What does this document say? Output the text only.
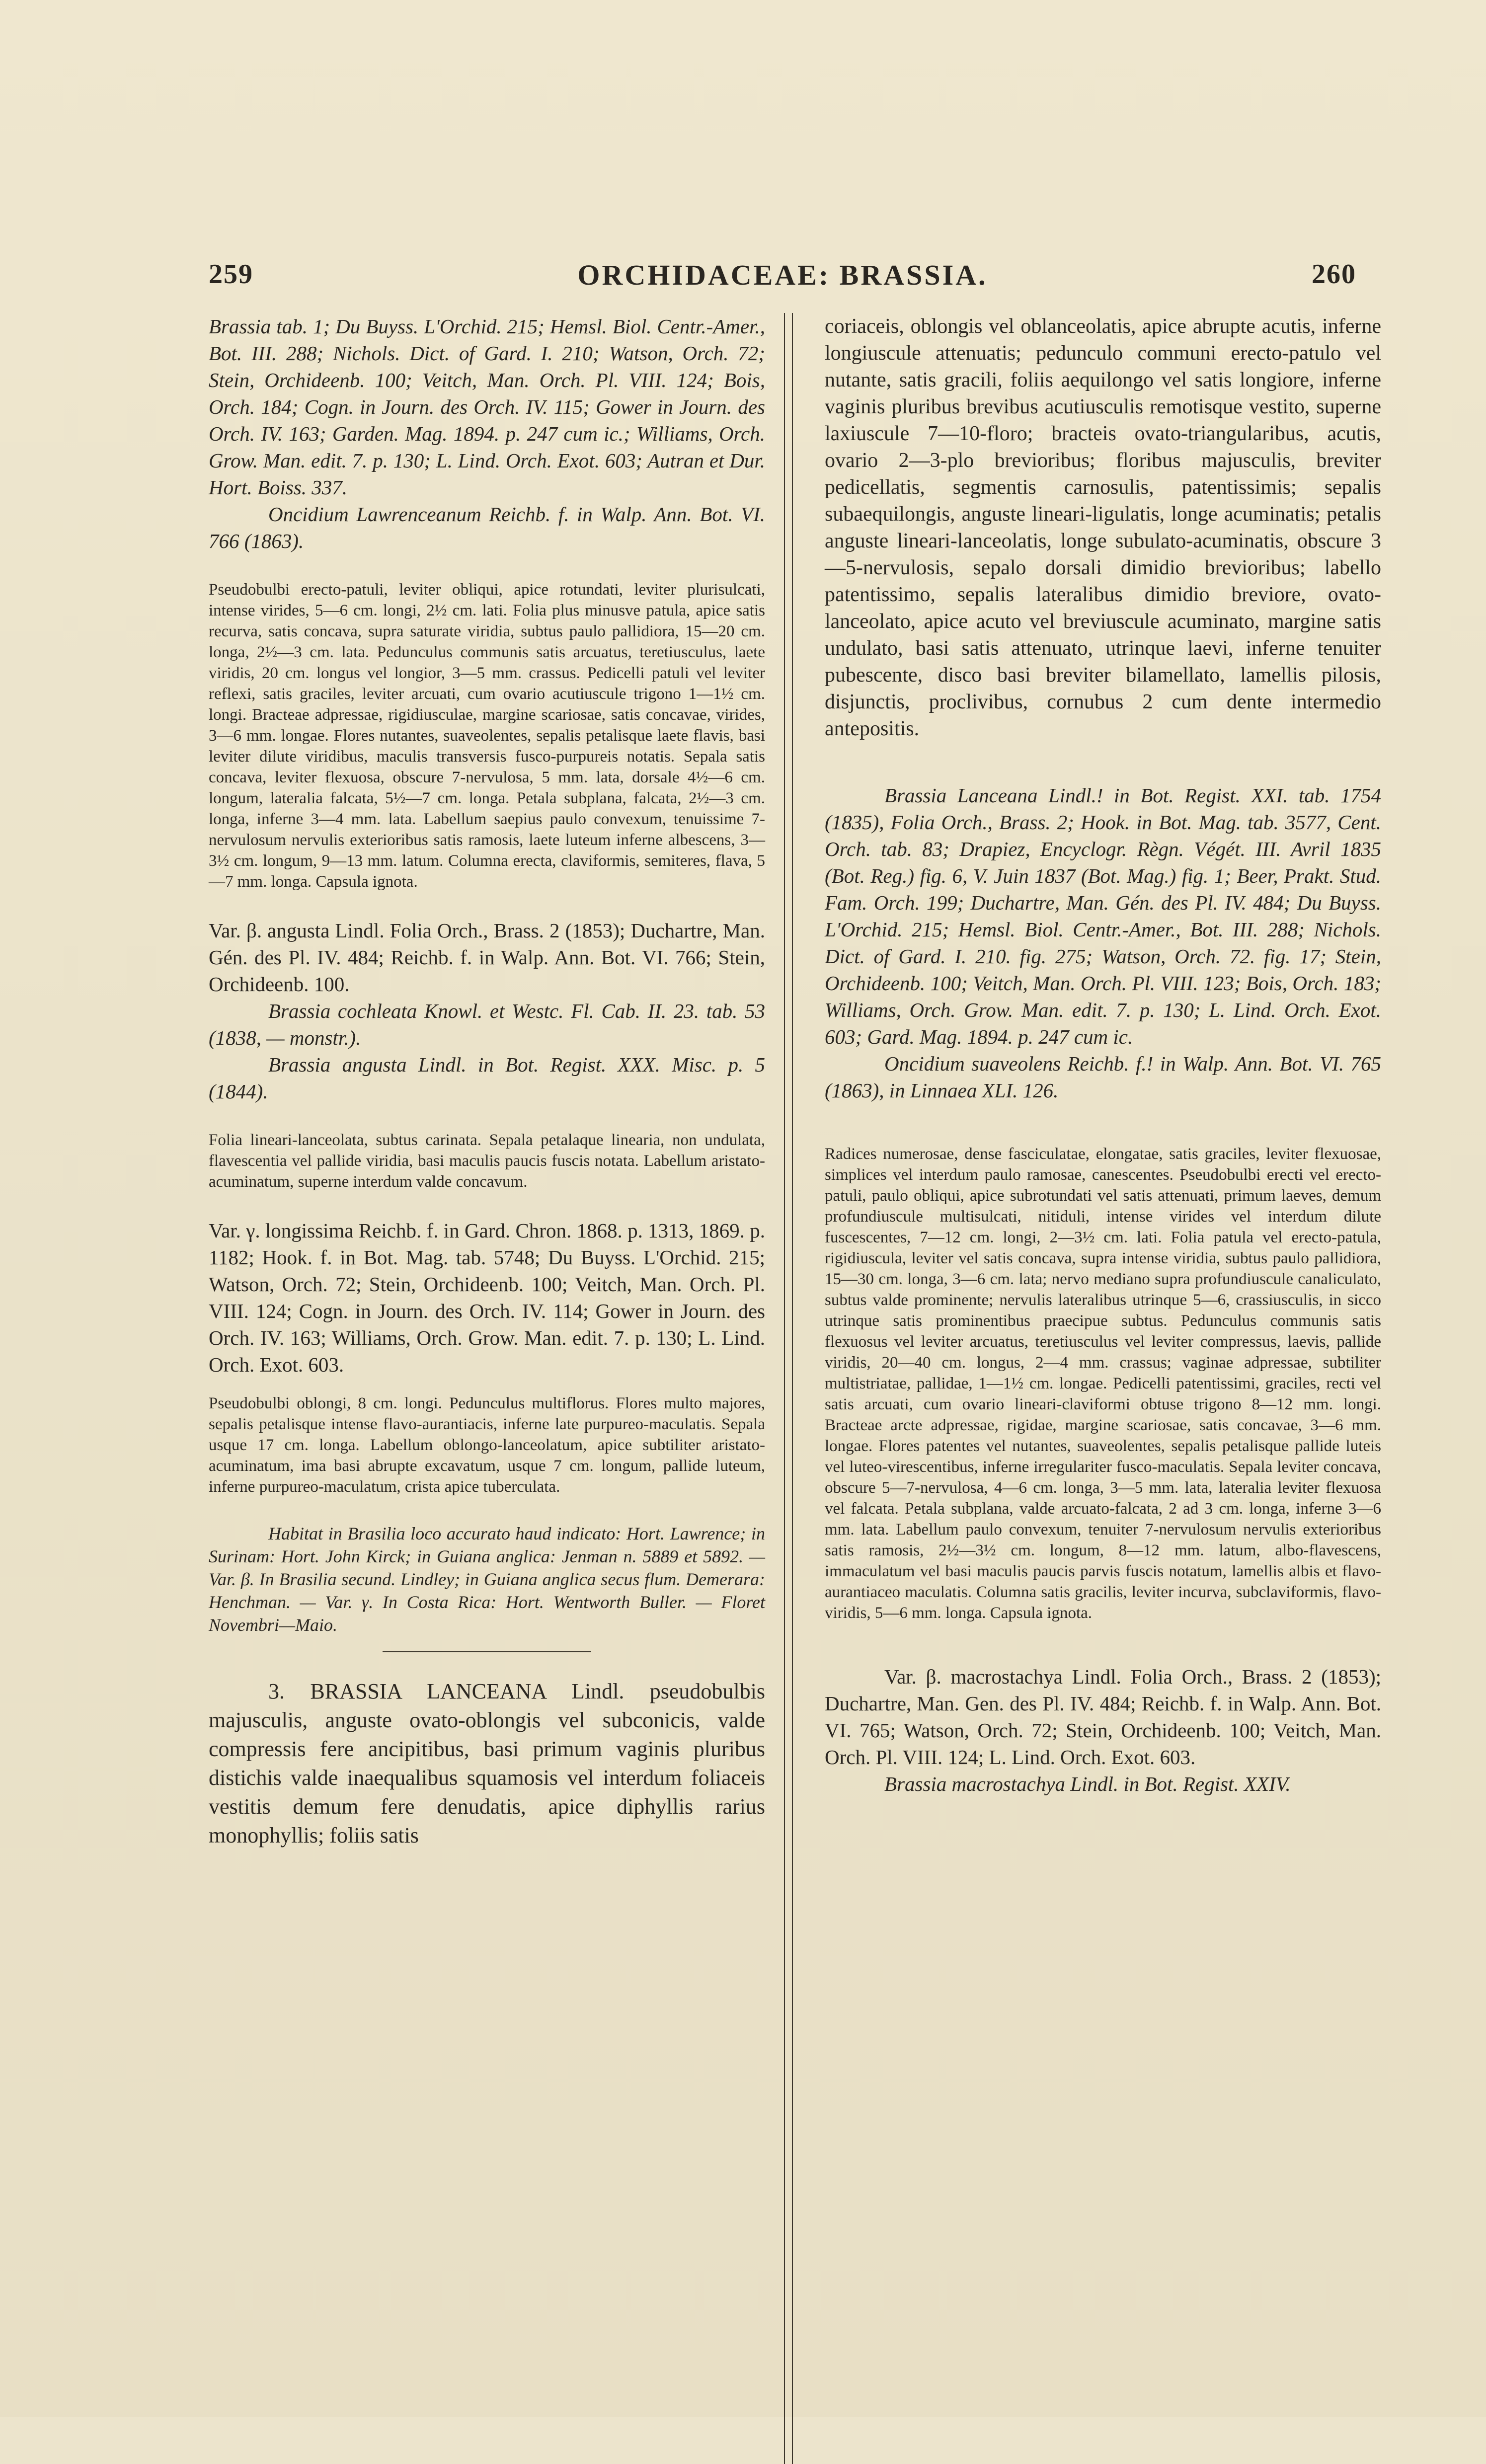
259	ORCHIDACEAE: BRASSIA.	260

Brassia tab. 1; Du Buyss. L'Orchid. 215; Hemsl. Biol. Centr.-Amer., Bot. III. 288; Nichols. Dict. of Gard. I. 210; Watson, Orch. 72; Stein, Orchideenb. 100; Veitch, Man. Orch. Pl. VIII. 124; Bois, Orch. 184; Cogn. in Journ. des Orch. IV. 115; Gower in Journ. des Orch. IV. 163; Garden. Mag. 1894. p. 247 cum ic.; Williams, Orch. Grow. Man. edit. 7. p. 130; L. Lind. Orch. Exot. 603; Autran et Dur. Hort. Boiss. 337.

Oncidium Lawrenceanum Reichb. f. in Walp. Ann. Bot. VI. 766 (1863).

Pseudobulbi erecto-patuli, leviter obliqui, apice rotundati, leviter plurisulcati, intense virides, 5—6 cm. longi, 2½ cm. lati. Folia plus minusve patula, apice satis recurva, satis concava, supra saturate viridia, subtus paulo pallidiora, 15—20 cm. longa, 2½—3 cm. lata. Pedunculus communis satis arcuatus, teretiusculus, laete viridis, 20 cm. longus vel longior, 3—5 mm. crassus. Pedicelli patuli vel leviter reflexi, satis graciles, leviter arcuati, cum ovario acutiuscule trigono 1—1½ cm. longi. Bracteae adpressae, rigidiusculae, margine scariosae, satis concavae, virides, 3—6 mm. longae. Flores nutantes, suaveolentes, sepalis petalisque laete flavis, basi leviter dilute viridibus, maculis transversis fusco-purpureis notatis. Sepala satis concava, leviter flexuosa, obscure 7-nervulosa, 5 mm. lata, dorsale 4½—6 cm. longum, lateralia falcata, 5½—7 cm. longa. Petala subplana, falcata, 2½—3 cm. longa, inferne 3—4 mm. lata. Labellum saepius paulo convexum, tenuissime 7-nervulosum nervulis exterioribus satis ramosis, laete luteum inferne albescens, 3—3½ cm. longum, 9—13 mm. latum. Columna erecta, claviformis, semiteres, flava, 5—7 mm. longa. Capsula ignota.

Var. β. angusta Lindl. Folia Orch., Brass. 2 (1853); Duchartre, Man. Gén. des Pl. IV. 484; Reichb. f. in Walp. Ann. Bot. VI. 766; Stein, Orchideenb. 100.

Brassia cochleata Knowl. et Westc. Fl. Cab. II. 23. tab. 53 (1838, — monstr.).

Brassia angusta Lindl. in Bot. Regist. XXX. Misc. p. 5 (1844).

Folia lineari-lanceolata, subtus carinata. Sepala petalaque linearia, non undulata, flavescentia vel pallide viridia, basi maculis paucis fuscis notata. Labellum aristato-acuminatum, superne interdum valde concavum.

Var. γ. longissima Reichb. f. in Gard. Chron. 1868. p. 1313, 1869. p. 1182; Hook. f. in Bot. Mag. tab. 5748; Du Buyss. L'Orchid. 215; Watson, Orch. 72; Stein, Orchideenb. 100; Veitch, Man. Orch. Pl. VIII. 124; Cogn. in Journ. des Orch. IV. 114; Gower in Journ. des Orch. IV. 163; Williams, Orch. Grow. Man. edit. 7. p. 130; L. Lind. Orch. Exot. 603.

Pseudobulbi oblongi, 8 cm. longi. Pedunculus multiflorus. Flores multo majores, sepalis petalisque intense flavo-aurantiacis, inferne late purpureo-maculatis. Sepala usque 17 cm. longa. Labellum oblongo-lanceolatum, apice subtiliter aristato-acuminatum, ima basi abrupte excavatum, usque 7 cm. longum, pallide luteum, inferne purpureo-maculatum, crista apice tuberculata.

Habitat in Brasilia loco accurato haud indicato: Hort. Lawrence; in Surinam: Hort. John Kirck; in Guiana anglica: Jenman n. 5889 et 5892. — Var. β. In Brasilia secund. Lindley; in Guiana anglica secus flum. Demerara: Henchman. — Var. γ. In Costa Rica: Hort. Wentworth Buller. — Floret Novembri—Maio.

3. BRASSIA LANCEANA Lindl. pseudobulbis majusculis, anguste ovato-oblongis vel subconicis, valde compressis fere ancipitibus, basi primum vaginis pluribus distichis valde inaequalibus squamosis vel interdum foliaceis vestitis demum fere denudatis, apice diphyllis rarius monophyllis; foliis satis

coriaceis, oblongis vel oblanceolatis, apice abrupte acutis, inferne longiuscule attenuatis; pedunculo communi erecto-patulo vel nutante, satis gracili, foliis aequilongo vel satis longiore, inferne vaginis pluribus brevibus acutiusculis remotisque vestito, superne laxiuscule 7—10-floro; bracteis ovato-triangularibus, acutis, ovario 2—3-plo brevioribus; floribus majusculis, breviter pedicellatis, segmentis carnosulis, patentissimis; sepalis subaequilongis, anguste lineari-ligulatis, longe acuminatis; petalis anguste lineari-lanceolatis, longe subulato-acuminatis, obscure 3—5-nervulosis, sepalo dorsali dimidio brevioribus; labello patentissimo, sepalis lateralibus dimidio breviore, ovato-lanceolato, apice acuto vel breviuscule acuminato, margine satis undulato, basi satis attenuato, utrinque laevi, inferne tenuiter pubescente, disco basi breviter bilamellato, lamellis pilosis, disjunctis, proclivibus, cornubus 2 cum dente intermedio antepositis.

Brassia Lanceana Lindl.! in Bot. Regist. XXI. tab. 1754 (1835), Folia Orch., Brass. 2; Hook. in Bot. Mag. tab. 3577, Cent. Orch. tab. 83; Drapiez, Encyclogr. Règn. Végét. III. Avril 1835 (Bot. Reg.) fig. 6, V. Juin 1837 (Bot. Mag.) fig. 1; Beer, Prakt. Stud. Fam. Orch. 199; Duchartre, Man. Gén. des Pl. IV. 484; Du Buyss. L'Orchid. 215; Hemsl. Biol. Centr.-Amer., Bot. III. 288; Nichols. Dict. of Gard. I. 210. fig. 275; Watson, Orch. 72. fig. 17; Stein, Orchideenb. 100; Veitch, Man. Orch. Pl. VIII. 123; Bois, Orch. 183; Williams, Orch. Grow. Man. edit. 7. p. 130; L. Lind. Orch. Exot. 603; Gard. Mag. 1894. p. 247 cum ic.

Oncidium suaveolens Reichb. f.! in Walp. Ann. Bot. VI. 765 (1863), in Linnaea XLI. 126.

Radices numerosae, dense fasciculatae, elongatae, satis graciles, leviter flexuosae, simplices vel interdum paulo ramosae, canescentes. Pseudobulbi erecti vel erecto-patuli, paulo obliqui, apice subrotundati vel satis attenuati, primum laeves, demum profundiuscule multisulcati, nitiduli, intense virides vel interdum dilute fuscescentes, 7—12 cm. longi, 2—3½ cm. lati. Folia patula vel erecto-patula, rigidiuscula, leviter vel satis concava, supra intense viridia, subtus paulo pallidiora, 15—30 cm. longa, 3—6 cm. lata; nervo mediano supra profundiuscule canaliculato, subtus valde prominente; nervulis lateralibus utrinque 5—6, crassiusculis, in sicco utrinque satis prominentibus praecipue subtus. Pedunculus communis satis flexuosus vel leviter arcuatus, teretiusculus vel leviter compressus, laevis, pallide viridis, 20—40 cm. longus, 2—4 mm. crassus; vaginae adpressae, subtiliter multistriatae, pallidae, 1—1½ cm. longae. Pedicelli patentissimi, graciles, recti vel satis arcuati, cum ovario lineari-claviformi obtuse trigono 8—12 mm. longi. Bracteae arcte adpressae, rigidae, margine scariosae, satis concavae, 3—6 mm. longae. Flores patentes vel nutantes, suaveolentes, sepalis petalisque pallide luteis vel luteo-virescentibus, inferne irregulariter fusco-maculatis. Sepala leviter concava, obscure 5—7-nervulosa, 4—6 cm. longa, 3—5 mm. lata, lateralia leviter flexuosa vel falcata. Petala subplana, valde arcuato-falcata, 2 ad 3 cm. longa, inferne 3—6 mm. lata. Labellum paulo convexum, tenuiter 7-nervulosum nervulis exterioribus satis ramosis, 2½—3½ cm. longum, 8—12 mm. latum, albo-flavescens, immaculatum vel basi maculis paucis parvis fuscis notatum, lamellis albis et flavo-aurantiaceo maculatis. Columna satis gracilis, leviter incurva, subclaviformis, flavo-viridis, 5—6 mm. longa. Capsula ignota.

Var. β. macrostachya Lindl. Folia Orch., Brass. 2 (1853); Duchartre, Man. Gen. des Pl. IV. 484; Reichb. f. in Walp. Ann. Bot. VI. 765; Watson, Orch. 72; Stein, Orchideenb. 100; Veitch, Man. Orch. Pl. VIII. 124; L. Lind. Orch. Exot. 603.

Brassia macrostachya Lindl. in Bot. Regist. XXIV.
